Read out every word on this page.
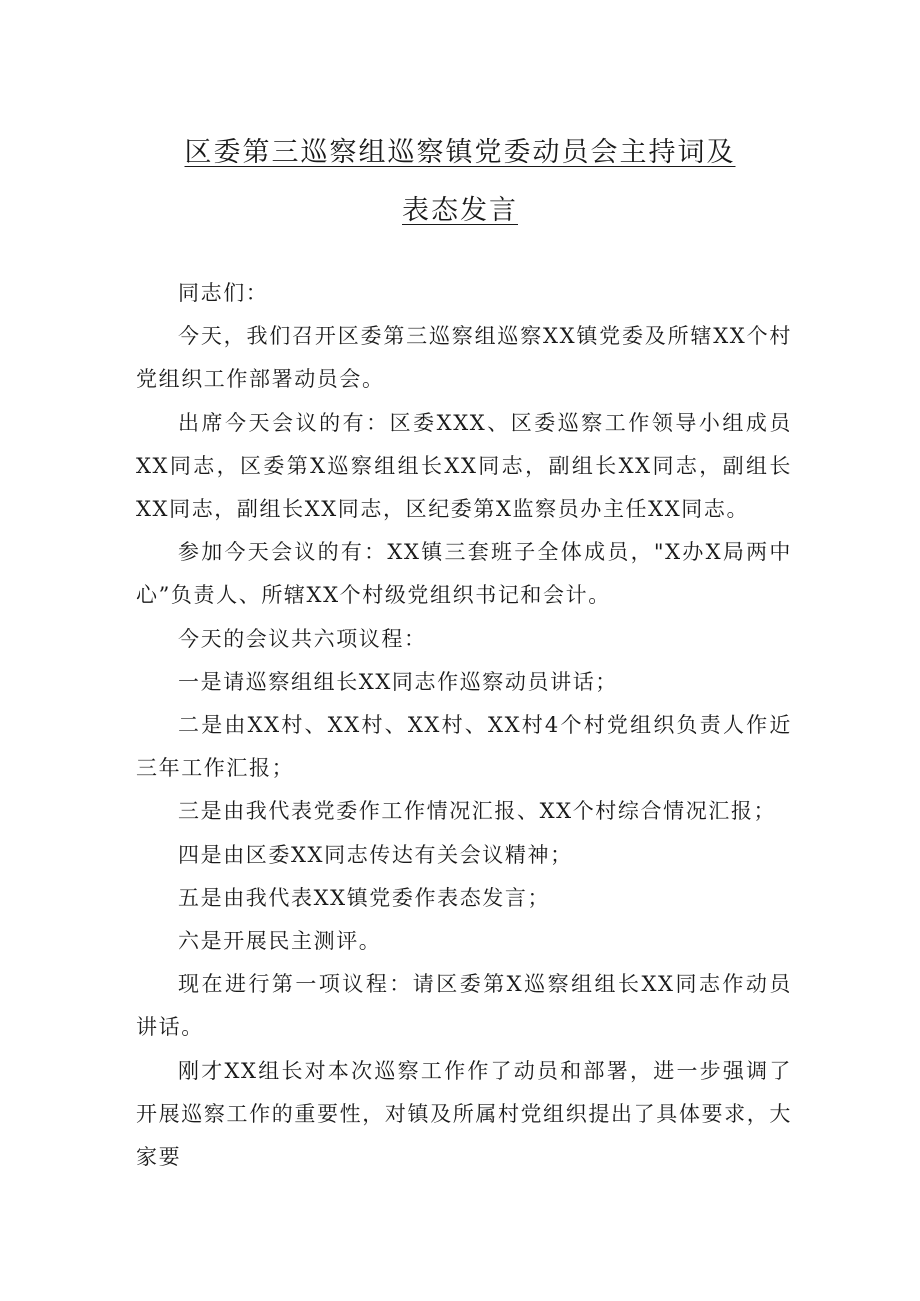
区委第三巡察组巡察镇党委动员会主持词及
表态发言

同志们：

今天，我们召开区委第三巡察组巡察XX镇党委及所辖XX个村党组织工作部署动员会。

出席今天会议的有：区委XXX、区委巡察工作领导小组成员XX同志，区委第X巡察组组长XX同志，副组长XX同志，副组长XX同志，副组长XX同志，区纪委第X监察员办主任XX同志。

参加今天会议的有：XX镇三套班子全体成员，"X办X局两中心”负责人、所辖XX个村级党组织书记和会计。

今天的会议共六项议程：

一是请巡察组组长XX同志作巡察动员讲话；

二是由XX村、XX村、XX村、XX村4个村党组织负责人作近三年工作汇报；

三是由我代表党委作工作情况汇报、XX个村综合情况汇报；

四是由区委XX同志传达有关会议精神；

五是由我代表XX镇党委作表态发言；

六是开展民主测评。

现在进行第一项议程：请区委第X巡察组组长XX同志作动员讲话。

刚才XX组长对本次巡察工作作了动员和部署，进一步强调了开展巡察工作的重要性，对镇及所属村党组织提出了具体要求，大家要
